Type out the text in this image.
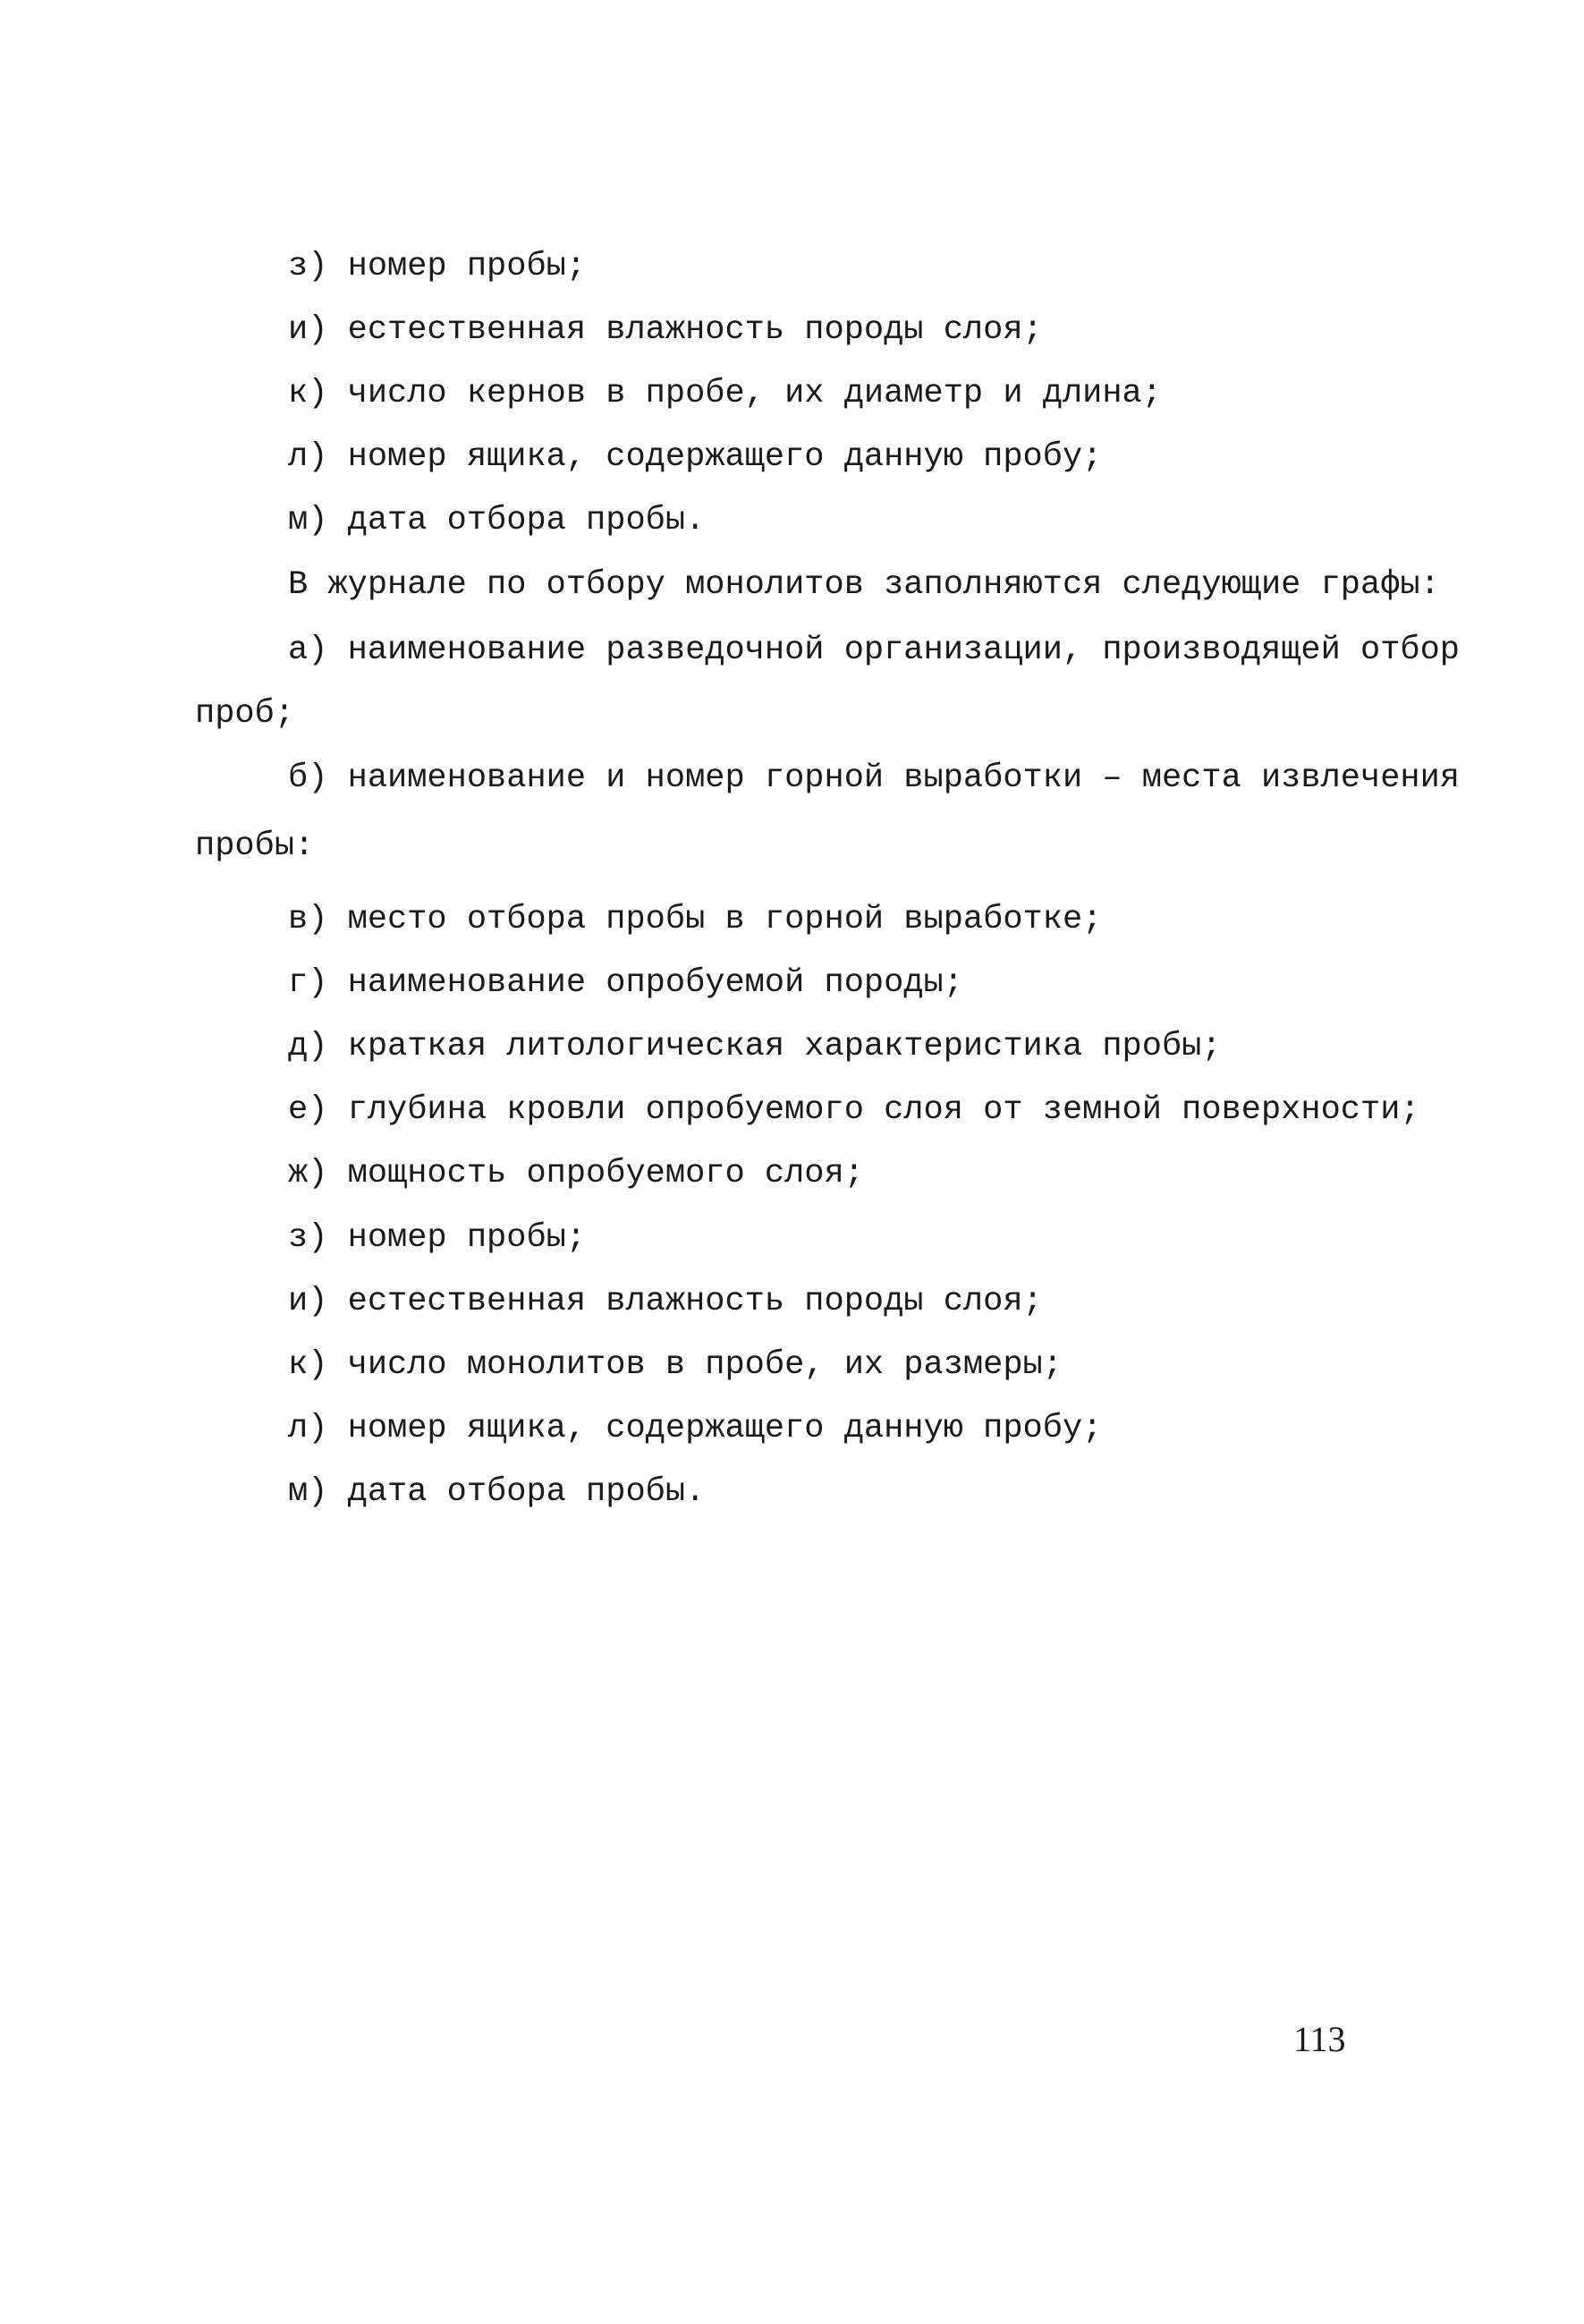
з) номер пробы;

и) естественная влажность породы слоя;

к) число кернов в пробе, их диаметр и длина;

л) номер ящика, содержащего данную пробу;

м) дата отбора пробы.

В журнале по отбору монолитов заполняются следующие графы:

а) наименование разведочной организации, производящей отбор

проб;

б) наименование и номер горной выработки – места извлечения

пробы:

в) место отбора пробы в горной выработке;

г) наименование опробуемой породы;

д) краткая литологическая характеристика пробы;

е) глубина кровли опробуемого слоя от земной поверхности;

ж) мощность опробуемого слоя;

з) номер пробы;

и) естественная влажность породы слоя;

к) число монолитов в пробе, их размеры;

л) номер ящика, содержащего данную пробу;

м) дата отбора пробы.

113
